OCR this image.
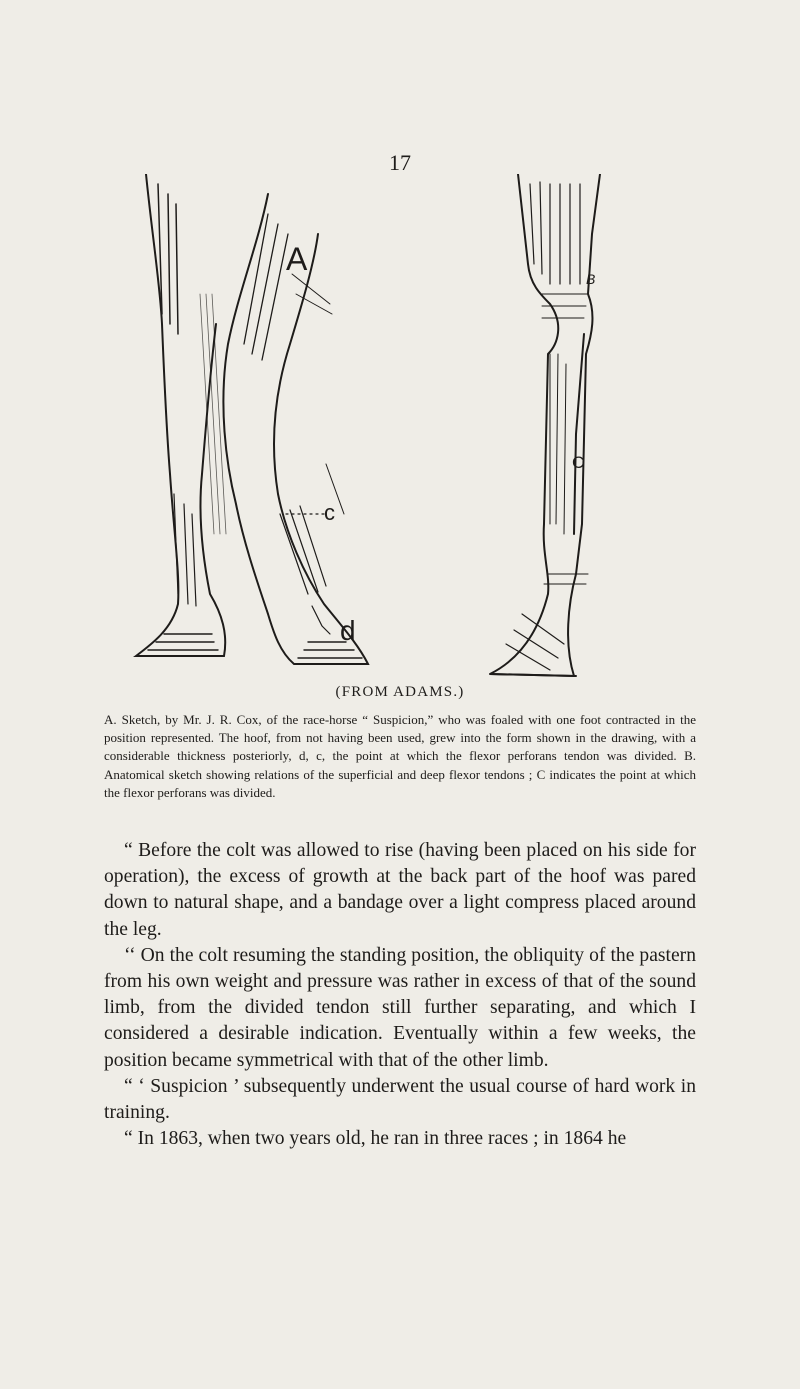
17
A
c
d
B
C
(FROM ADAMS.)

A. Sketch, by Mr. J. R. Cox, of the race-horse “ Suspicion,” who was foaled with one foot contracted in the position represented. The hoof, from not having been used, grew into the form shown in the drawing, with a considerable thickness posteriorly, d, c, the point at which the flexor perforans tendon was divided. B. Anatomical sketch showing relations of the superficial and deep flexor tendons ; C indicates the point at which the flexor perforans was divided.

“ Before the colt was allowed to rise (having been placed on his side for operation), the excess of growth at the back part of the hoof was pared down to natural shape, and a bandage over a light compress placed around the leg.

‘‘ On the colt resuming the standing position, the obliquity of the pastern from his own weight and pressure was rather in excess of that of the sound limb, from the divided tendon still further separating, and which I considered a desirable indication. Eventually within a few weeks, the position became symmetrical with that of the other limb.

“ ‘ Suspicion ’ subsequently underwent the usual course of hard work in training.

“ In 1863, when two years old, he ran in three races ; in 1864 he
